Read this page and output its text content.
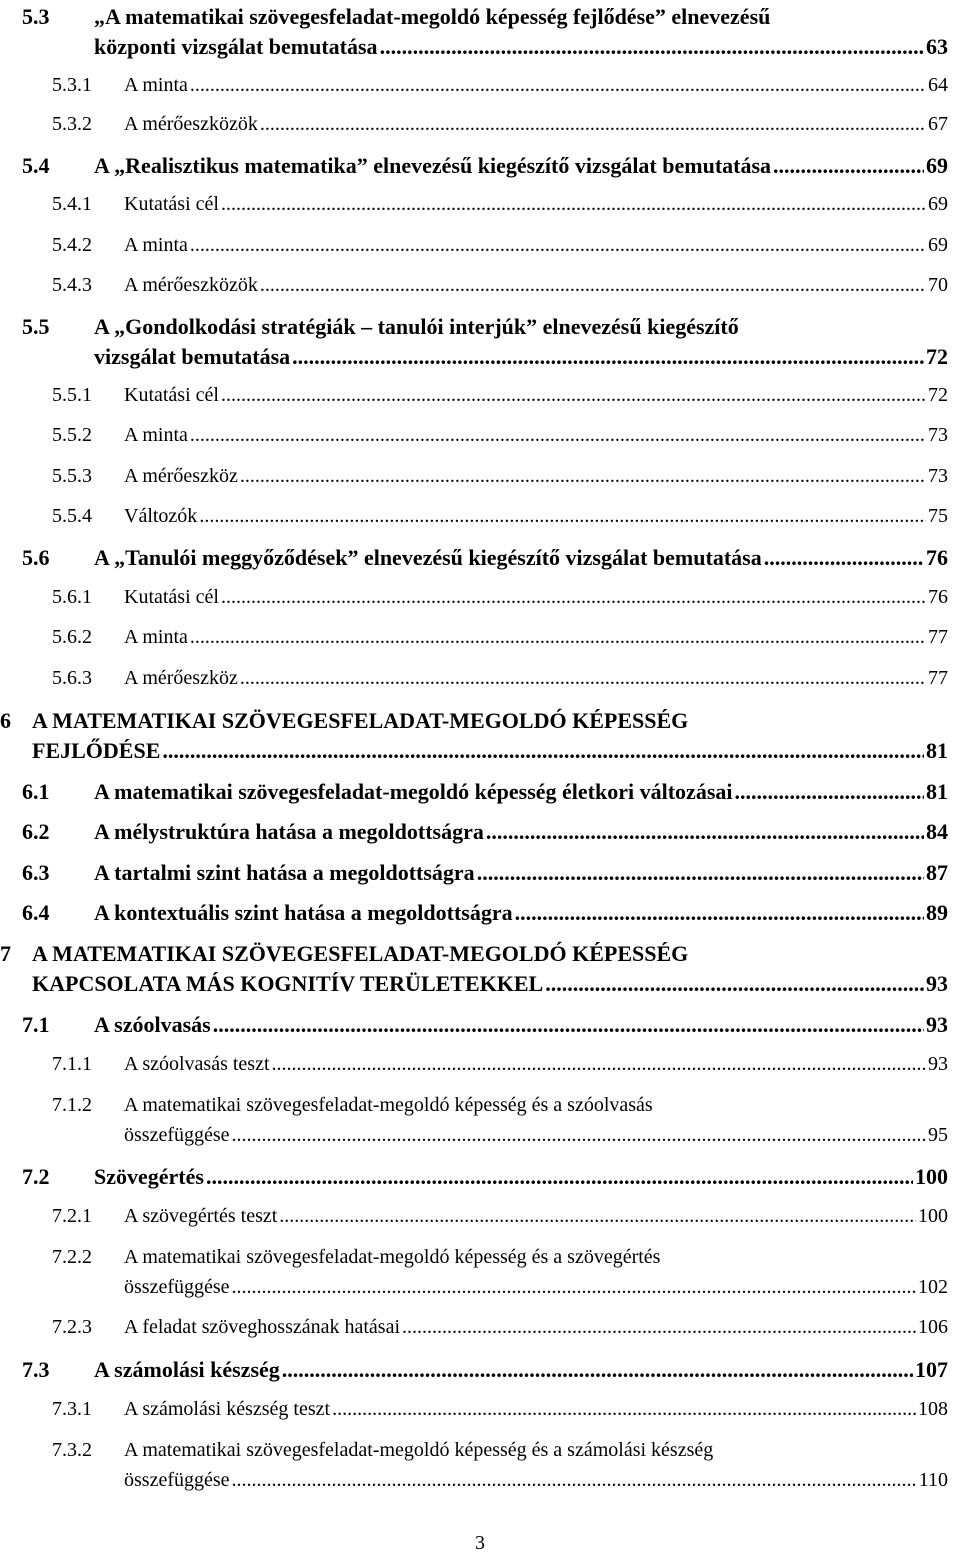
5.3 „A matematikai szövegesfeladat-megoldó képesség fejlődése” elnevezésű
központi vizsgálat bemutatása .....	63
5.3.1 A minta .....	64
5.3.2 A mérőeszközök .....	67
5.4 A „Realisztikus matematika” elnevezésű kiegészítő vizsgálat bemutatása .....	69
5.4.1 Kutatási cél .....	69
5.4.2 A minta .....	69
5.4.3 A mérőeszközök .....	70
5.5 A „Gondolkodási stratégiák – tanulói interjúk” elnevezésű kiegészítő
vizsgálat bemutatása .....	72
5.5.1 Kutatási cél .....	72
5.5.2 A minta .....	73
5.5.3 A mérőeszköz .....	73
5.5.4 Változók .....	75
5.6 A „Tanulói meggyőződések” elnevezésű kiegészítő vizsgálat bemutatása .....	76
5.6.1 Kutatási cél .....	76
5.6.2 A minta .....	77
5.6.3 A mérőeszköz .....	77
6 A MATEMATIKAI SZÖVEGESFELADAT-MEGOLDÓ KÉPESSÉG
FEJLŐDÉSE .....	81
6.1 A matematikai szövegesfeladat-megoldó képesség életkori változásai .....	81
6.2 A mélystruktúra hatása a megoldottságra .....	84
6.3 A tartalmi szint hatása a megoldottságra .....	87
6.4 A kontextuális szint hatása a megoldottságra .....	89
7 A MATEMATIKAI SZÖVEGESFELADAT-MEGOLDÓ KÉPESSÉG
KAPCSOLATA MÁS KOGNITÍV TERÜLETEKKEL .....	93
7.1 A szóolvasás .....	93
7.1.1 A szóolvasás teszt .....	93
7.1.2 A matematikai szövegesfeladat-megoldó képesség és a szóolvasás
összefüggése .....	95
7.2 Szövegértés .....	100
7.2.1 A szövegértés teszt .....	100
7.2.2 A matematikai szövegesfeladat-megoldó képesség és a szövegértés
összefüggése .....	102
7.2.3 A feladat szöveghosszának hatásai .....	106
7.3 A számolási készség .....	107
7.3.1 A számolási készség teszt .....	108
7.3.2 A matematikai szövegesfeladat-megoldó képesség és a számolási készség
összefüggése .....	110
3
